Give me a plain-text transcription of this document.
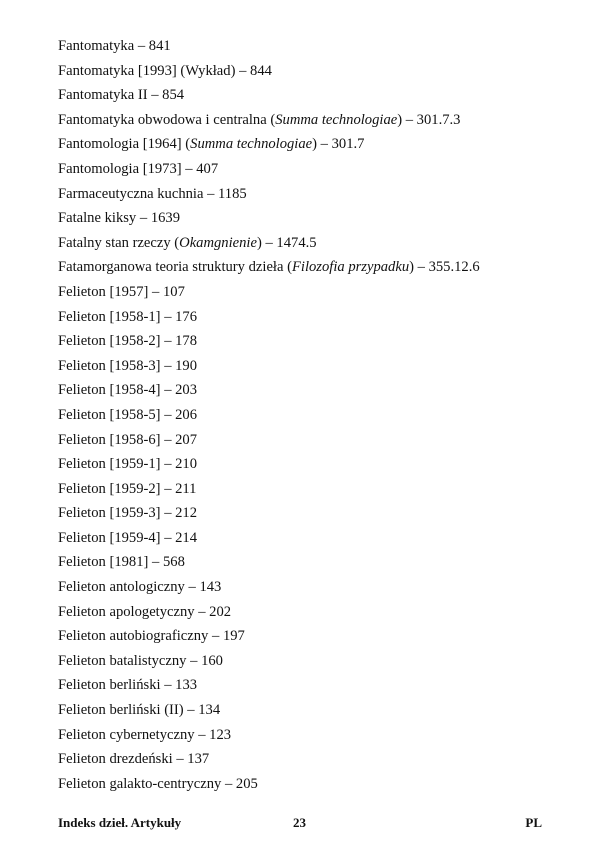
Fantomatyka – 841
Fantomatyka [1993] (Wykład) – 844
Fantomatyka II – 854
Fantomatyka obwodowa i centralna (Summa technologiae) – 301.7.3
Fantomologia [1964] (Summa technologiae) – 301.7
Fantomologia [1973] – 407
Farmaceutyczna kuchnia – 1185
Fatalne kiksy – 1639
Fatalny stan rzeczy (Okamgnienie) – 1474.5
Fatamorganowa teoria struktury dzieła (Filozofia przypadku) – 355.12.6
Felieton [1957] – 107
Felieton [1958-1] – 176
Felieton [1958-2] – 178
Felieton [1958-3] – 190
Felieton [1958-4] – 203
Felieton [1958-5] – 206
Felieton [1958-6] – 207
Felieton [1959-1] – 210
Felieton [1959-2] – 211
Felieton [1959-3] – 212
Felieton [1959-4] – 214
Felieton [1981] – 568
Felieton antologiczny – 143
Felieton apologetyczny – 202
Felieton autobiograficzny – 197
Felieton batalistyczny – 160
Felieton berliński – 133
Felieton berliński (II) – 134
Felieton cybernetyczny – 123
Felieton drezdeński – 137
Felieton galakto-centryczny – 205
Indeks dzieł. Artykuły	23	PL
